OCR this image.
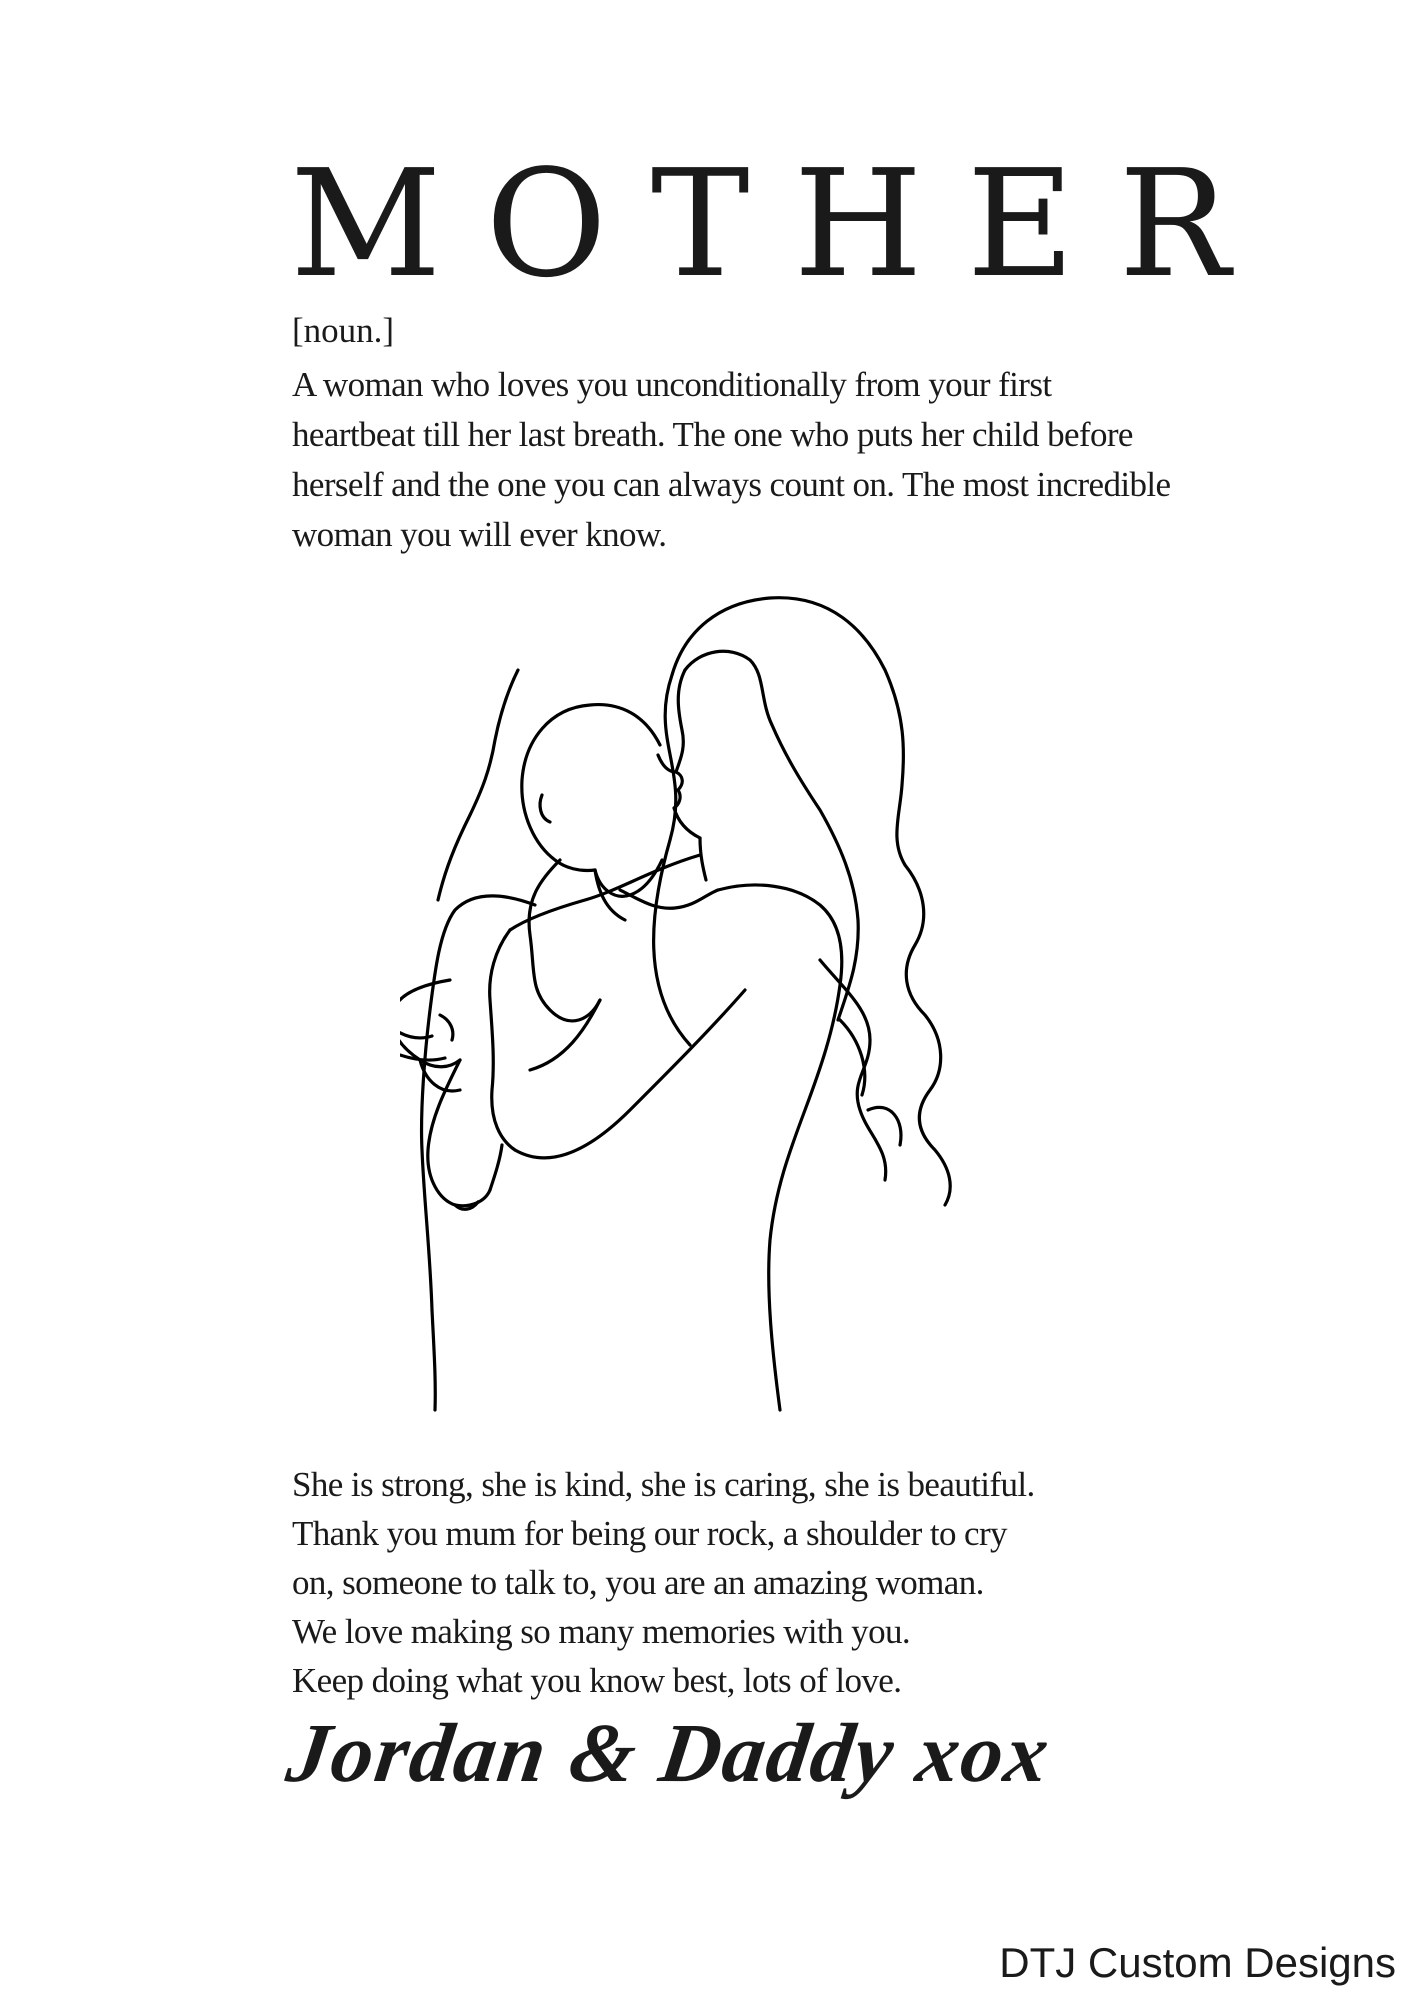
MOTHER
[noun.]
A woman who loves you unconditionally from your first heartbeat till her last breath. The one who puts her child before herself and the one you can always count on. The most incredible woman you will ever know.
She is strong, she is kind, she is caring, she is beautiful.
Thank you mum for being our rock, a shoulder to cry
on, someone to talk to, you are an amazing woman.
We love making so many memories with you.
Keep doing what you know best, lots of love.
Jordan & Daddy xox
DTJ Custom Designs
